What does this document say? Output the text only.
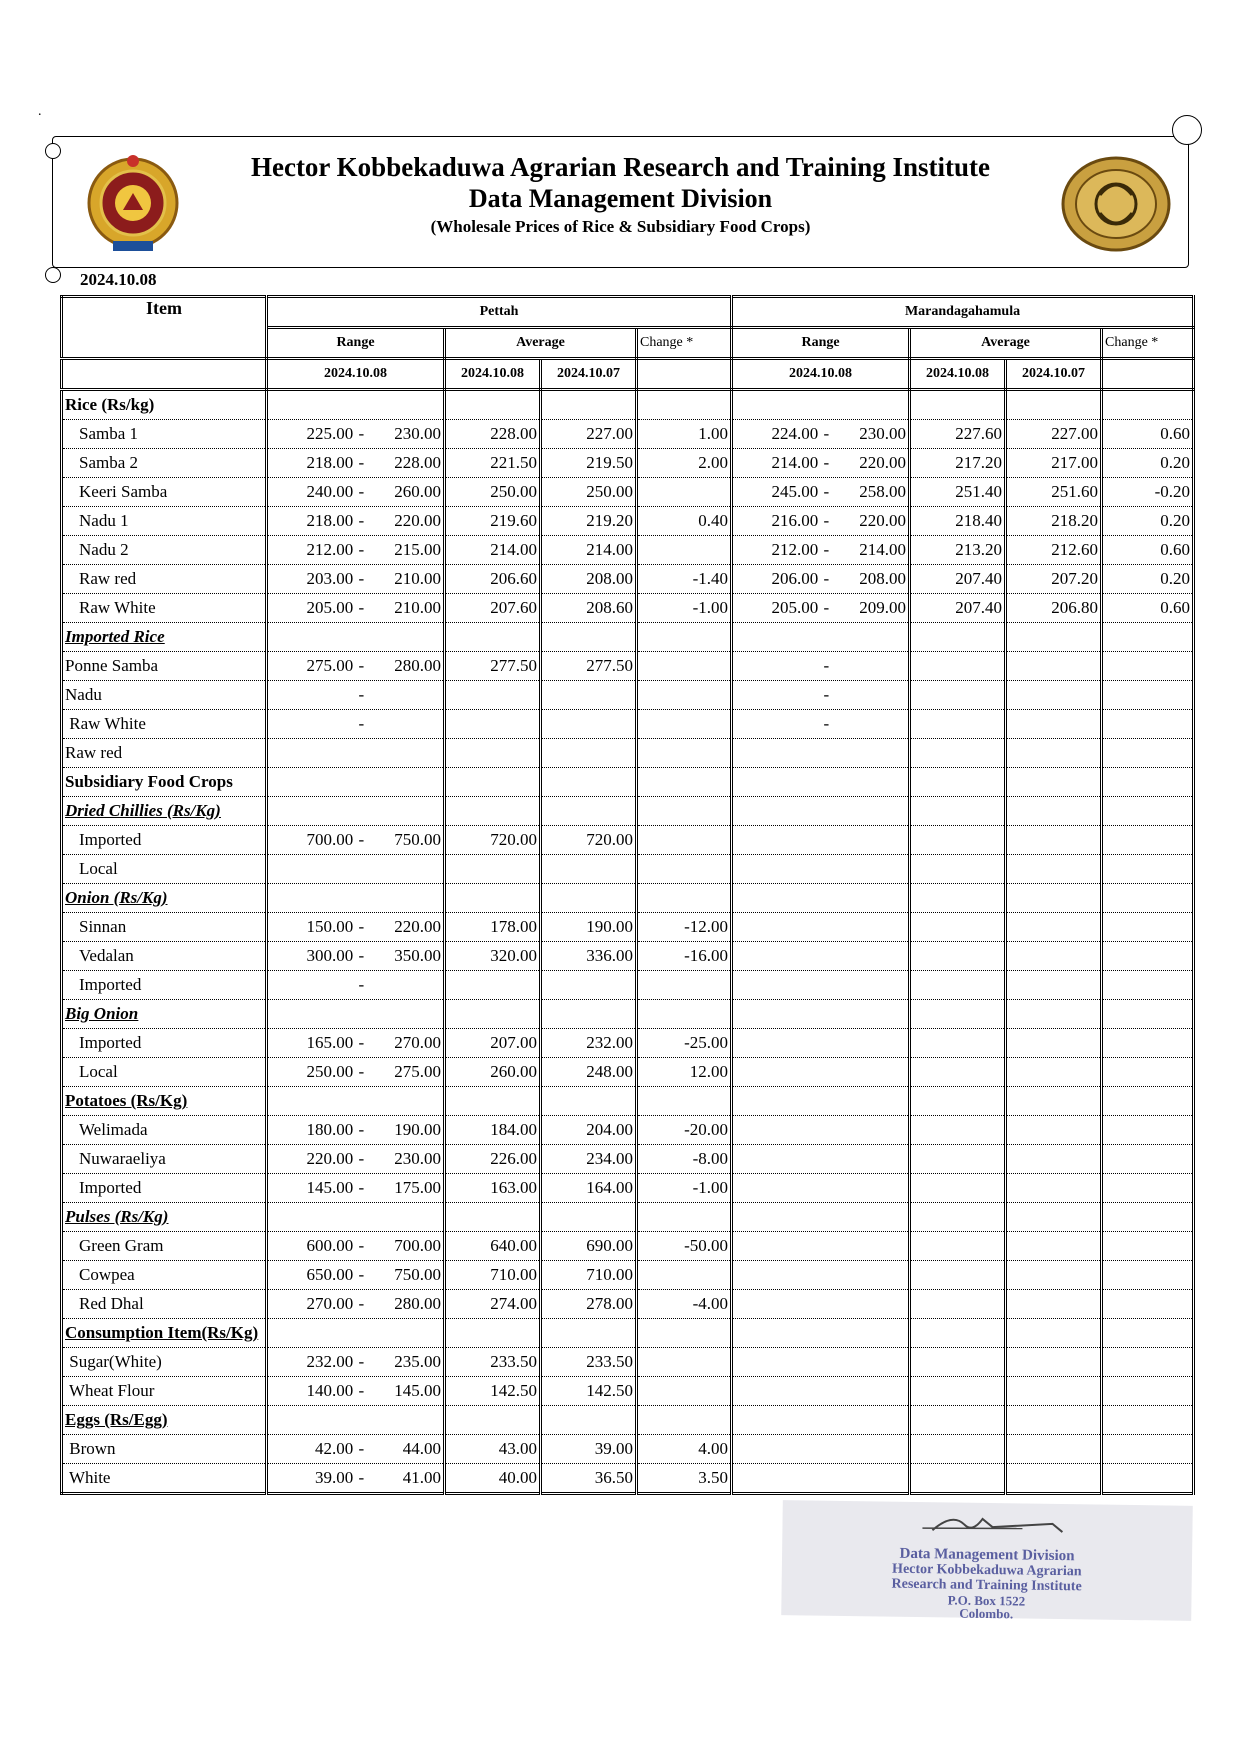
.
Hector Kobbekaduwa Agrarian Research and Training Institute
Data Management Division
(Wholesale Prices of Rice & Subsidiary Food Crops)
2024.10.08
Item	Pettah				Marandagahamula			
	Range	Average		Change *	Range	Average		Change *
	2024.10.08	2024.10.08	2024.10.07		2024.10.08	2024.10.08	2024.10.07	
Rice (Rs/kg)								
Samba 1	225.00 - 230.00	228.00	227.00	1.00	224.00 - 230.00	227.60	227.00	0.60
Samba 2	218.00 - 228.00	221.50	219.50	2.00	214.00 - 220.00	217.20	217.00	0.20
Keeri Samba	240.00 - 260.00	250.00	250.00		245.00 - 258.00	251.40	251.60	-0.20
Nadu 1	218.00 - 220.00	219.60	219.20	0.40	216.00 - 220.00	218.40	218.20	0.20
Nadu 2	212.00 - 215.00	214.00	214.00		212.00 - 214.00	213.20	212.60	0.60
Raw red	203.00 - 210.00	206.60	208.00	-1.40	206.00 - 208.00	207.40	207.20	0.20
Raw White	205.00 - 210.00	207.60	208.60	-1.00	205.00 - 209.00	207.40	206.80	0.60
Imported Rice								
Ponne Samba	275.00 - 280.00	277.50	277.50		-			

Nadu	-				-			

Raw White	-				-			

Raw red	

Subsidiary Food Crops								
Dried Chillies (Rs/Kg)								
Imported	700.00 - 750.00	720.00	720.00		

Local	

Onion (Rs/Kg)								
Sinnan	150.00 - 220.00	178.00	190.00	-12.00	

Vedalan	300.00 - 350.00	320.00	336.00	-16.00	

Imported	-							

Big Onion								
Imported	165.00 - 270.00	207.00	232.00	-25.00	

Local	250.00 - 275.00	260.00	248.00	12.00	

Potatoes (Rs/Kg)								
Welimada	180.00 - 190.00	184.00	204.00	-20.00	

Nuwaraeliya	220.00 - 230.00	226.00	234.00	-8.00	

Imported	145.00 - 175.00	163.00	164.00	-1.00	

Pulses (Rs/Kg)								
Green Gram	600.00 - 700.00	640.00	690.00	-50.00	

Cowpea	650.00 - 750.00	710.00	710.00		

Red Dhal	270.00 - 280.00	274.00	278.00	-4.00	

Consumption Item(Rs/Kg)								
Sugar(White)	232.00 - 235.00	233.50	233.50		

Wheat Flour	140.00 - 145.00	142.50	142.50		

Eggs (Rs/Egg)								
Brown	42.00 - 44.00	43.00	39.00	4.00	

White	39.00 - 41.00	40.00	36.50	3.50	

Data Management Division
Hector Kobbekaduwa Agrarian
Research and Training Institute
P.O. Box 1522
Colombo.
